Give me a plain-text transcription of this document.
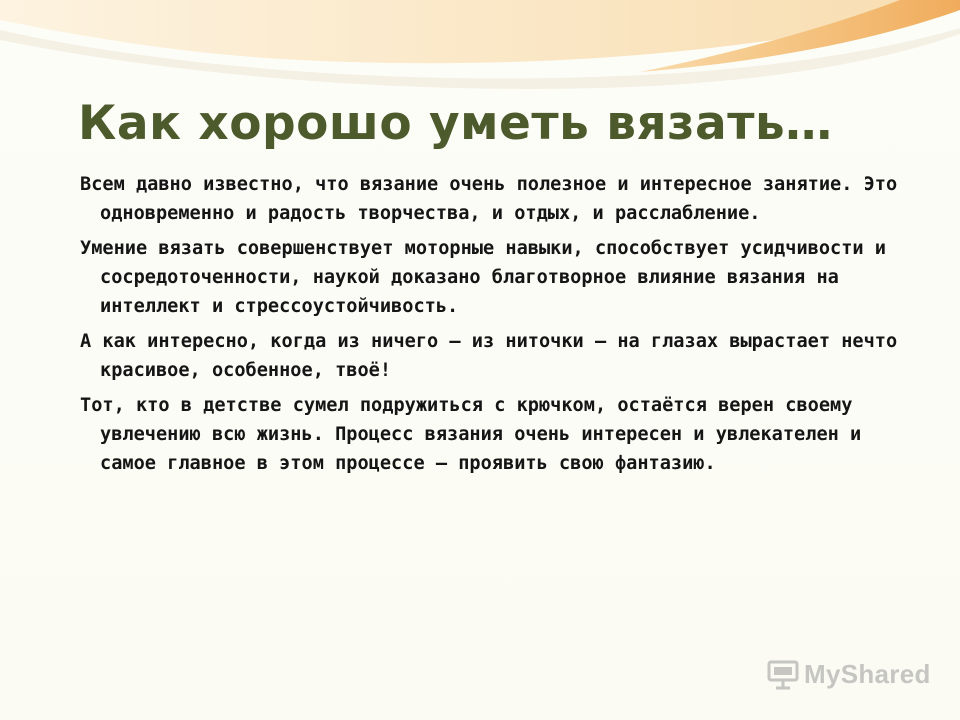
Как хорошо уметь вязать…

Всем давно известно, что вязание очень полезное и интересное занятие. Это одновременно и радость творчества, и отдых, и расслабление.

Умение вязать совершенствует моторные навыки, способствует усидчивости и сосредоточенности, наукой доказано благотворное влияние вязания на интеллект и стрессоустойчивость.

А как интересно, когда из ничего – из ниточки – на глазах вырастает нечто красивое, особенное, твоё!

Тот, кто в детстве сумел подружиться с крючком, остаётся верен своему увлечению всю жизнь. Процесс вязания очень интересен и увлекателен и самое главное в этом процессе – проявить свою фантазию.

MyShared
